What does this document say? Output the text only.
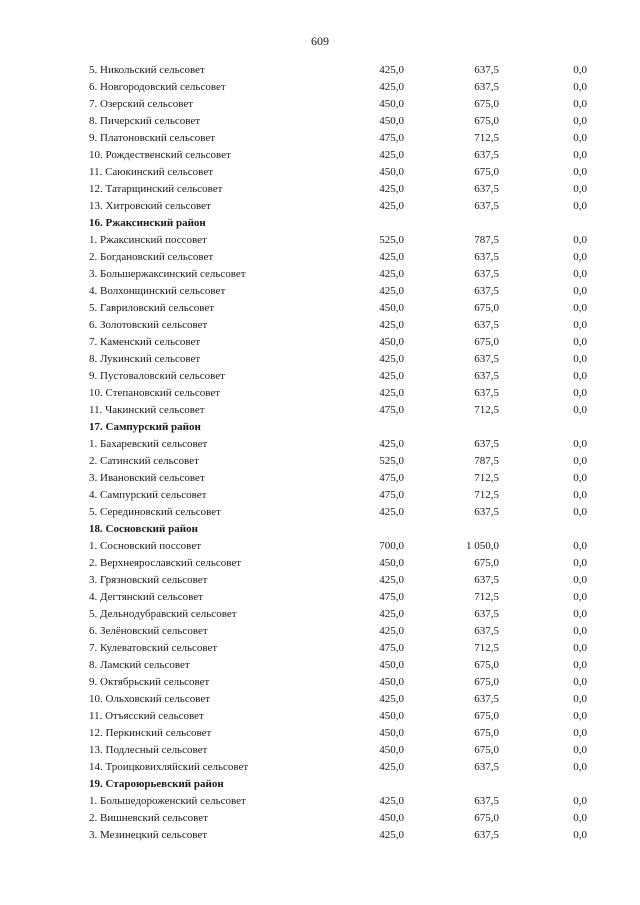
609
5. Никольский сельсовет	425,0	637,5	0,0
6. Новгородовский сельсовет	425,0	637,5	0,0
7. Озерский сельсовет	450,0	675,0	0,0
8. Пичерский сельсовет	450,0	675,0	0,0
9. Платоновский сельсовет	475,0	712,5	0,0
10. Рождественский сельсовет	425,0	637,5	0,0
11. Саюкинский сельсовет	450,0	675,0	0,0
12. Татарщинский сельсовет	425,0	637,5	0,0
13. Хитровский сельсовет	425,0	637,5	0,0
16. Ржаксинский район
1. Ржаксинский поссовет	525,0	787,5	0,0
2. Богдановский сельсовет	425,0	637,5	0,0
3. Большержаксинский сельсовет	425,0	637,5	0,0
4. Волхонщинский сельсовет	425,0	637,5	0,0
5. Гавриловский сельсовет	450,0	675,0	0,0
6. Золотовский сельсовет	425,0	637,5	0,0
7. Каменский сельсовет	450,0	675,0	0,0
8. Лукинский сельсовет	425,0	637,5	0,0
9. Пустоваловский сельсовет	425,0	637,5	0,0
10. Степановский сельсовет	425,0	637,5	0,0
11. Чакинский сельсовет	475,0	712,5	0,0
17. Сампурский район
1. Бахаревский сельсовет	425,0	637,5	0,0
2. Сатинский сельсовет	525,0	787,5	0,0
3. Ивановский сельсовет	475,0	712,5	0,0
4. Сампурский сельсовет	475,0	712,5	0,0
5. Серединовский сельсовет	425,0	637,5	0,0
18. Сосновский район
1. Сосновский поссовет	700,0	1 050,0	0,0
2. Верхнеярославский сельсовет	450,0	675,0	0,0
3. Грязновский сельсовет	425,0	637,5	0,0
4. Дегтянский сельсовет	475,0	712,5	0,0
5. Дельнодубравский сельсовет	425,0	637,5	0,0
6. Зелёновский сельсовет	425,0	637,5	0,0
7. Кулеватовский сельсовет	475,0	712,5	0,0
8. Ламский сельсовет	450,0	675,0	0,0
9. Октябрьский сельсовет	450,0	675,0	0,0
10. Ольховский сельсовет	425,0	637,5	0,0
11. Отъясский сельсовет	450,0	675,0	0,0
12. Перкинский сельсовет	450,0	675,0	0,0
13. Подлесный сельсовет	450,0	675,0	0,0
14. Троицковихляйский сельсовет	425,0	637,5	0,0
19. Староюрьевский район
1. Большедороженский сельсовет	425,0	637,5	0,0
2. Вишневский сельсовет	450,0	675,0	0,0
3. Мезинецкий сельсовет	425,0	637,5	0,0
